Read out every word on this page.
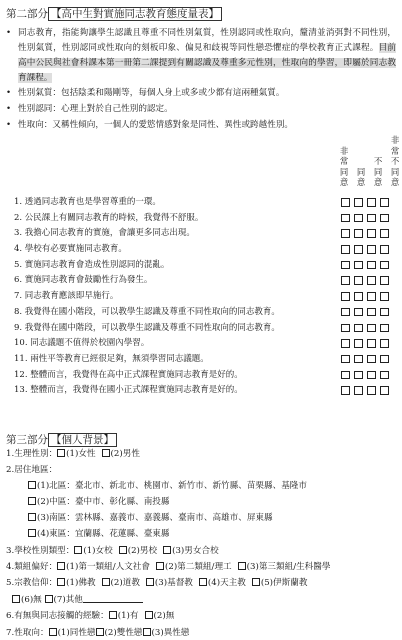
第二部分 【高中生對實施同志教育態度量表】
• 同志教育，指能夠讓學生認識且尊重不同性別氣質，性別認同或性取向，釐清並消弭對不同性別，性別氣質，性別認同或性取向的刻板印象、偏見和歧視等同性戀恐懼症的學校教育正式課程。目前高中公民與社會科課本第一冊第二課提到有關認識及尊重多元性別，性取向的學習，即屬於同志教育課程。
• 性別氣質：包括陰柔和陽剛等，每個人身上或多或少都有這兩種氣質。
• 性別認同：心理上對於自己性別的認定。
• 性取向：又稱性傾向，一個人的愛慾情感對象是同性、異性或跨越性別。
非
常
同
意
同
意
不
同
意
非
常
不
同
意
1. 透過同志教育也是學習尊重的一環。
2. 公民課上有關同志教育的時候，我覺得不舒服。
3. 我擔心同志教育的實施，會讓更多同志出現。
4. 學校有必要實施同志教育。
5. 實施同志教育會造成性別認同的混亂。
6. 實施同志教育會鼓勵性行為發生。
7. 同志教育應該即早施行。
8. 我覺得在國小階段，可以教學生認識及尊重不同性取向的同志教育。
9. 我覺得在國中階段，可以教學生認識及尊重不同性取向的同志教育。
10. 同志議題不值得於校園內學習。
11. 兩性平等教育已經很足夠，無須學習同志議題。
12. 整體而言，我覺得在高中正式課程實施同志教育是好的。
13. 整體而言，我覺得在國小正式課程實施同志教育是好的。
第三部分 【個人背景】
1.生理性別： (1)女性 (2)男性
2.居住地區：
(1)北區：臺北市、新北市、桃園市、新竹市、新竹縣、苗栗縣、基隆市
(2)中區：臺中市、彰化縣、南投縣
(3)南區：雲林縣、嘉義市、嘉義縣、臺南市、高雄市、屏東縣
(4)東區：宜蘭縣、花蓮縣、臺東縣
3.學校性別類型： (1)女校 (2)男校 (3)男女合校
4.類組偏好： (1)第一類組/人文社會 (2)第二類組/理工 (3)第三類組/生科醫學
5.宗教信仰： (1)佛教 (2)道教 (3)基督教 (4)天主教 (5)伊斯蘭教
(6)無 (7)其他
6.有無與同志接觸的經驗： (1)有 (2)無
7.性取向： (1)同性戀 (2)雙性戀 (3)異性戀
